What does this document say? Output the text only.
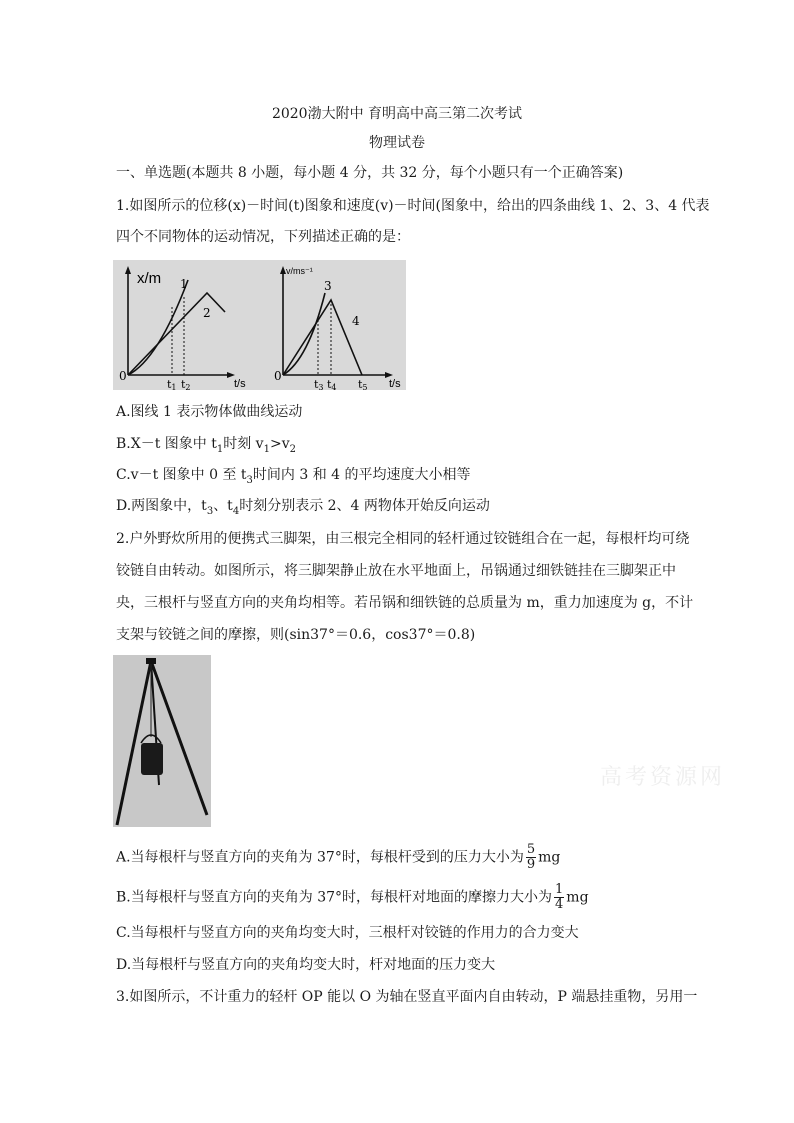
2020渤大附中 育明高中高三第二次考试
物理试卷
一、单选题(本题共 8 小题，每小题 4 分，共 32 分，每个小题只有一个正确答案)
1.如图所示的位移(x)－时间(t)图象和速度(v)－时间(图象中，给出的四条曲线 1、2、3、4 代表
四个不同物体的运动情况，下列描述正确的是：
x/m
0
1
2
t1 t2	t/s
v/ms⁻¹
0
3
4
t3 t4 t5 t/s
A.图线 1 表示物体做曲线运动
B.X－t 图象中 $t_1$时刻 $v_1>v_2$
C.v－t 图象中 0 至 $t_3$时间内 3 和 4 的平均速度大小相等
D.两图象中，$t_3$、$t_4$时刻分别表示 2、4 两物体开始反向运动
2.户外野炊所用的便携式三脚架，由三根完全相同的轻杆通过铰链组合在一起，每根杆均可绕
铰链自由转动。如图所示，将三脚架静止放在水平地面上，吊锅通过细铁链挂在三脚架正中
央，三根杆与竖直方向的夹角均相等。若吊锅和细铁链的总质量为 m，重力加速度为 g，不计
支架与铰链之间的摩擦，则(sin37°＝0.6，cos37°＝0.8)
A.当每根杆与竖直方向的夹角为 37°时，每根杆受到的压力大小为 $\frac{5}{9}$ mg
B.当每根杆与竖直方向的夹角为 37°时，每根杆对地面的摩擦力大小为 $\frac{1}{4}$ mg
C.当每根杆与竖直方向的夹角均变大时，三根杆对铰链的作用力的合力变大
D.当每根杆与竖直方向的夹角均变大时，杆对地面的压力变大
3.如图所示，不计重力的轻杆 OP 能以 O 为轴在竖直平面内自由转动，P 端悬挂重物，另用一
高考资源网
